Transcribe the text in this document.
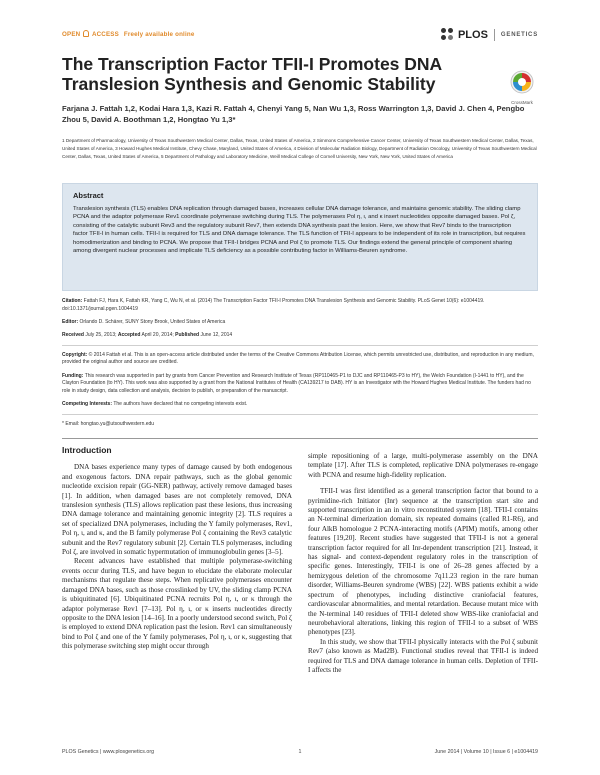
OPEN ACCESS Freely available online	PLOS GENETICS
The Transcription Factor TFII-I Promotes DNA Translesion Synthesis and Genomic Stability
CrossMark
Farjana J. Fattah 1,2, Kodai Hara 1,3, Kazi R. Fattah 4, Chenyi Yang 5, Nan Wu 1,3, Ross Warrington 1,3, David J. Chen 4, Pengbo Zhou 5, David A. Boothman 1,2, Hongtao Yu 1,3*
1 Department of Pharmacology, University of Texas Southwestern Medical Center, Dallas, Texas, United States of America, 2 Simmons Comprehensive Cancer Center, University of Texas Southwestern Medical Center, Dallas, Texas, United States of America, 3 Howard Hughes Medical Institute, Chevy Chase, Maryland, United States of America, 4 Division of Molecular Radiation Biology, Department of Radiation Oncology, University of Texas Southwestern Medical Center, Dallas, Texas, United States of America, 5 Department of Pathology and Laboratory Medicine, Weill Medical College of Cornell University, New York, New York, United States of America
Abstract

Translesion synthesis (TLS) enables DNA replication through damaged bases, increases cellular DNA damage tolerance, and maintains genomic stability. The sliding clamp PCNA and the adaptor polymerase Rev1 coordinate polymerase switching during TLS. The polymerases Pol η, ι, and κ insert nucleotides opposite damaged bases. Pol ζ, consisting of the catalytic subunit Rev3 and the regulatory subunit Rev7, then extends DNA synthesis past the lesion. Here, we show that Rev7 binds to the transcription factor TFII-I in human cells. TFII-I is required for TLS and DNA damage tolerance. The TLS function of TFII-I appears to be independent of its role in transcription, but requires homodimerization and binding to PCNA. We propose that TFII-I bridges PCNA and Pol ζ to promote TLS. Our findings extend the general principle of component sharing among divergent nuclear processes and implicate TLS deficiency as a possible contributing factor in Williams-Beuren syndrome.

Citation: Fattah FJ, Hara K, Fattah KR, Yang C, Wu N, et al. (2014) The Transcription Factor TFII-I Promotes DNA Translesion Synthesis and Genomic Stability. PLoS Genet 10(6): e1004419. doi:10.1371/journal.pgen.1004419

Editor: Orlando D. Schärer, SUNY Stony Brook, United States of America

Received July 25, 2013; Accepted April 20, 2014; Published June 12, 2014

Copyright: © 2014 Fattah et al. This is an open-access article distributed under the terms of the Creative Commons Attribution License, which permits unrestricted use, distribution, and reproduction in any medium, provided the original author and source are credited.

Funding: This research was supported in part by grants from Cancer Prevention and Research Institute of Texas (RP110465-P1 to DJC and RP110465-P3 to HY), the Welch Foundation (I-1441 to HY), and the Clayton Foundation (to HY). This work was also supported by a grant from the National Institutes of Health (CA139217 to DAB). HY is an Investigator with the Howard Hughes Medical Institute. The funders had no role in study design, data collection and analysis, decision to publish, or preparation of the manuscript.

Competing Interests: The authors have declared that no competing interests exist.

* Email: hongtao.yu@utsouthwestern.edu

Introduction

DNA bases experience many types of damage caused by both endogenous and exogenous factors. DNA repair pathways, such as the global genomic nucleotide excision repair (GG-NER) pathway, actively remove damaged bases [1]. In addition, when damaged bases are not completely removed, DNA translesion synthesis (TLS) allows replication past these lesions, thus increasing DNA damage tolerance and maintaining genomic integrity [2]. TLS requires a set of specialized DNA polymerases, including the Y family polymerases, Rev1, Pol η, ι, and κ, and the B family polymerase Pol ζ containing the Rev3 catalytic subunit and the Rev7 regulatory subunit [2]. Certain TLS polymerases, including Pol ζ, are involved in somatic hypermutation of immunoglobulin genes [3–5].

Recent advances have established that multiple polymerase-switching events occur during TLS, and have begun to elucidate the elaborate molecular mechanisms that regulate these steps. When replicative polymerases encounter damaged DNA bases, such as those crosslinked by UV, the sliding clamp PCNA is ubiquitinated [6]. Ubiquitinated PCNA recruits Pol η, ι, or κ through the adaptor polymerase Rev1 [7–13]. Pol η, ι, or κ inserts nucleotides directly opposite to the DNA lesion [14–16]. In a poorly understood second switch, Pol ζ is employed to extend DNA replication past the lesion. Rev1 can simultaneously bind to Pol ζ and one of the Y family polymerases, Pol η, ι, or κ, suggesting that this polymerase switching step might occur through

simple repositioning of a large, multi-polymerase assembly on the DNA template [17]. After TLS is completed, replicative DNA polymerases re-engage with PCNA and resume high-fidelity replication.

TFII-I was first identified as a general transcription factor that bound to a pyrimidine-rich Initiator (Inr) sequence at the transcription start site and supported transcription in an in vitro reconstituted system [18]. TFII-I contains an N-terminal dimerization domain, six repeated domains (called R1-R6), and four AlkB homologue 2 PCNA-interacting motifs (APIM) motifs, among other features [19,20]. Recent studies have suggested that TFII-I is not a general transcription factor required for all Inr-dependent transcription [21]. Instead, it has signal- and context-dependent regulatory roles in the transcription of specific genes. Interestingly, TFII-I is one of 26–28 genes affected by a hemizygous deletion of the chromosome 7q11.23 region in the rare human disorder, Williams-Beuren syndrome (WBS) [22]. WBS patients exhibit a wide spectrum of phenotypes, including distinctive craniofacial features, cardiovascular abnormalities, and mental retardation. Because mutant mice with the N-terminal 140 residues of TFII-I deleted show WBS-like craniofacial and neurobehavioral alterations, linking this region of TFII-I to a subset of WBS phenotypes [23].

In this study, we show that TFII-I physically interacts with the Pol ζ subunit Rev7 (also known as Mad2B). Functional studies reveal that TFII-I is indeed required for TLS and DNA damage tolerance in human cells. Depletion of TFII-I affects the

PLOS Genetics | www.plosgenetics.org	1	June 2014 | Volume 10 | Issue 6 | e1004419
